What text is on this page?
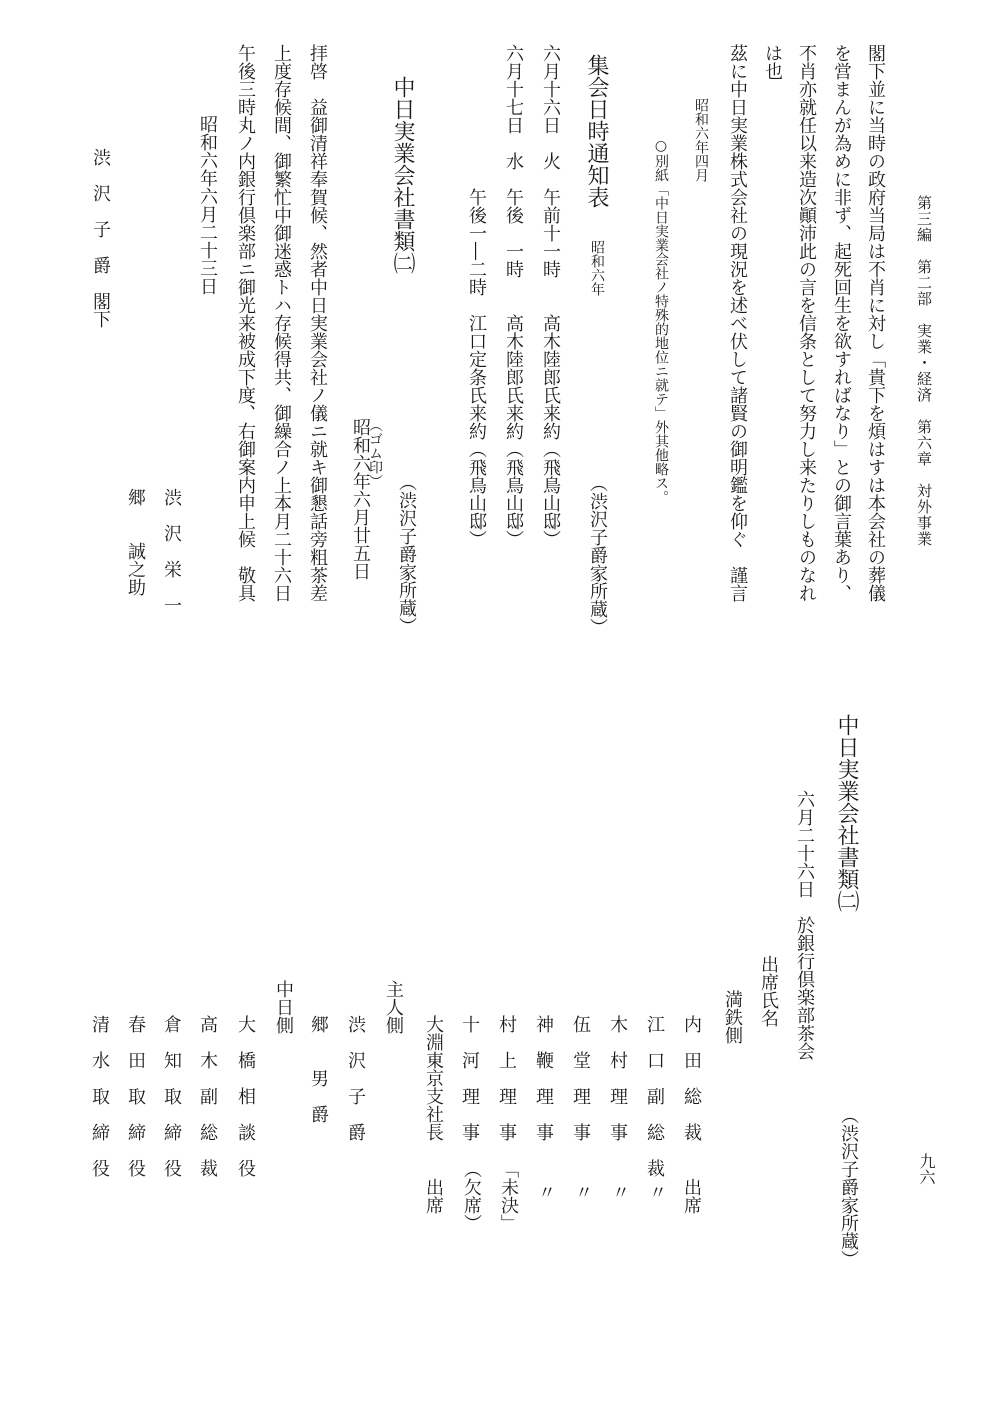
第三編　第二部　実業・経済　第六章　対外事業
九六
閣下並に当時の政府当局は不肖に対し「貴下を煩はすは本会社の葬儀
を営まんが為めに非ず、起死回生を欲すればなり」との御言葉あり、
不肖亦就任以来造次顚沛此の言を信条として努力し来たりしものなれ
は也
茲に中日実業株式会社の現況を述べ伏して諸賢の御明鑑を仰ぐ　謹言
昭和六年四月
○別紙「中日実業会社ノ特殊的地位ニ就テ」外其他略ス。
集会日時通知表
昭和六年
（渋沢子爵家所蔵）
六月十六日　火　午前十一時　　高木陸郎氏来約（飛鳥山邸）
六月十七日　水　午後　一時　　高木陸郎氏来約（飛鳥山邸）
　　　　　　　　午後一―二時　江口定条氏来約（飛鳥山邸）
中日実業会社書類㈡
（渋沢子爵家所蔵）
（ゴム印）
昭和六年六月廿五日
拝啓　益御清祥奉賀候、然者中日実業会社ノ儀ニ就キ御懇話旁粗茶差
上度存候間、御繁忙中御迷惑トハ存候得共、御繰合ノ上本月二十六日
午後三時丸ノ内銀行倶楽部ニ御光来被成下度、右御案内申上候　敬具
昭和六年六月二十三日
渋　沢　栄　一
郷　　誠之助
渋　沢　子　爵　閣下
中日実業会社書類㈡
（渋沢子爵家所蔵）
六月二十六日　於銀行倶楽部茶会
出席氏名
満鉄側
内　田　総　裁
出席
江　口　副　総　裁
〃
木　村　理　事
〃
伍　堂　理　事
〃
神　鞭　理　事
〃
村　上　理　事
「未決」
十　河　理　事
（欠席）
大淵東京支社長
出席
主人側
渋　沢　子　爵
郷　　男　爵
中日側
大　橋　相　談　役
高　木　副　総　裁
倉　知　取　締　役
春　田　取　締　役
清　水　取　締　役
